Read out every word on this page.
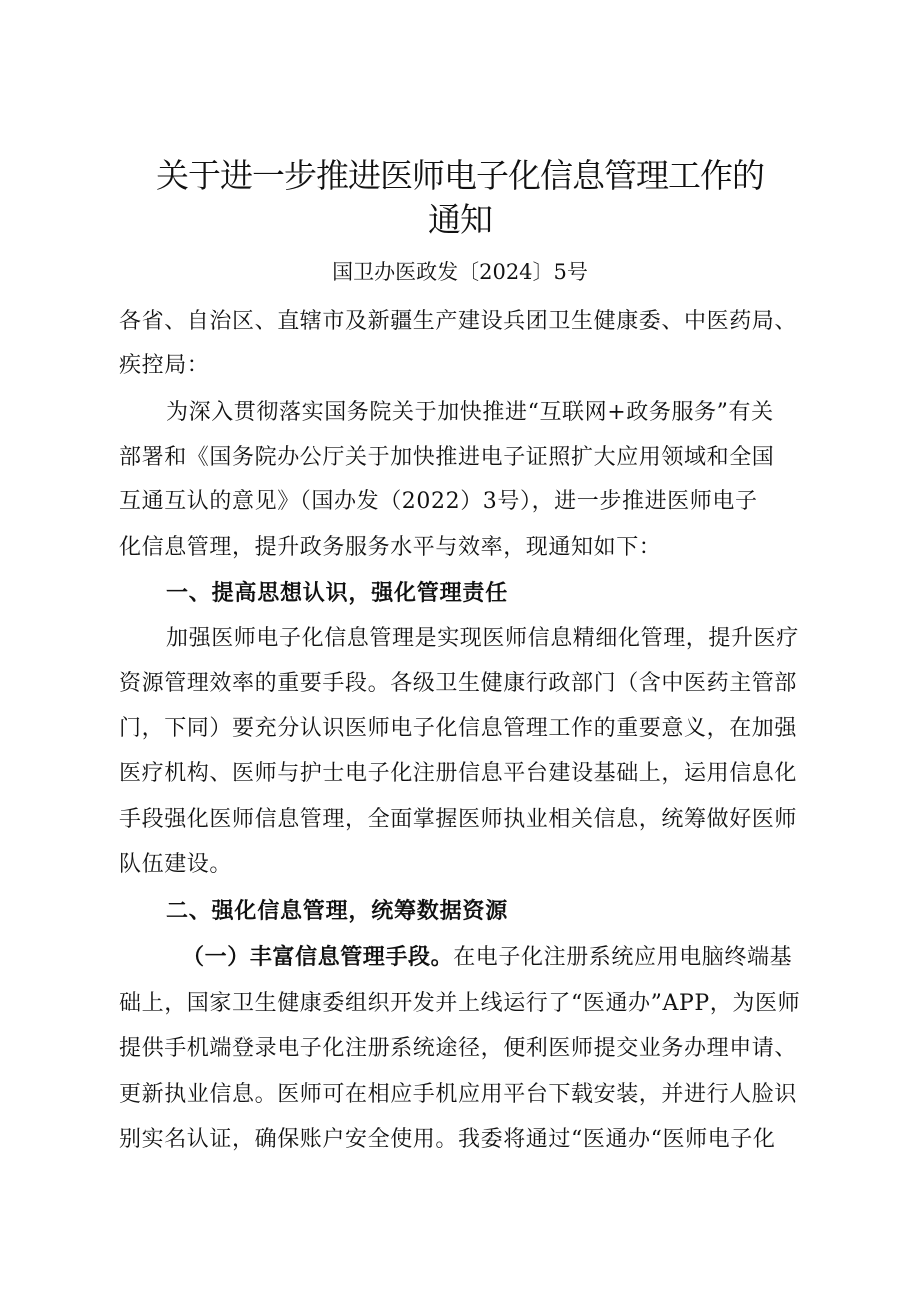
关于进一步推进医师电子化信息管理工作的
通知
国卫办医政发〔2024〕5号
各省、自治区、直辖市及新疆生产建设兵团卫生健康委、中医药局、
疾控局：
为深入贯彻落实国务院关于加快推进“互联网+政务服务”有关
部署和《国务院办公厅关于加快推进电子证照扩大应用领域和全国
互通互认的意见》（国办发（2022）3号），进一步推进医师电子
化信息管理，提升政务服务水平与效率，现通知如下：
一、提高思想认识，强化管理责任
加强医师电子化信息管理是实现医师信息精细化管理，提升医疗
资源管理效率的重要手段。各级卫生健康行政部门（含中医药主管部
门，下同）要充分认识医师电子化信息管理工作的重要意义，在加强
医疗机构、医师与护士电子化注册信息平台建设基础上，运用信息化
手段强化医师信息管理，全面掌握医师执业相关信息，统筹做好医师
队伍建设。
二、强化信息管理，统筹数据资源
（一）丰富信息管理手段。在电子化注册系统应用电脑终端基
础上，国家卫生健康委组织开发并上线运行了“医通办”APP，为医师
提供手机端登录电子化注册系统途径，便利医师提交业务办理申请、
更新执业信息。医师可在相应手机应用平台下载安装，并进行人脸识
别实名认证，确保账户安全使用。我委将通过“医通办“医师电子化
